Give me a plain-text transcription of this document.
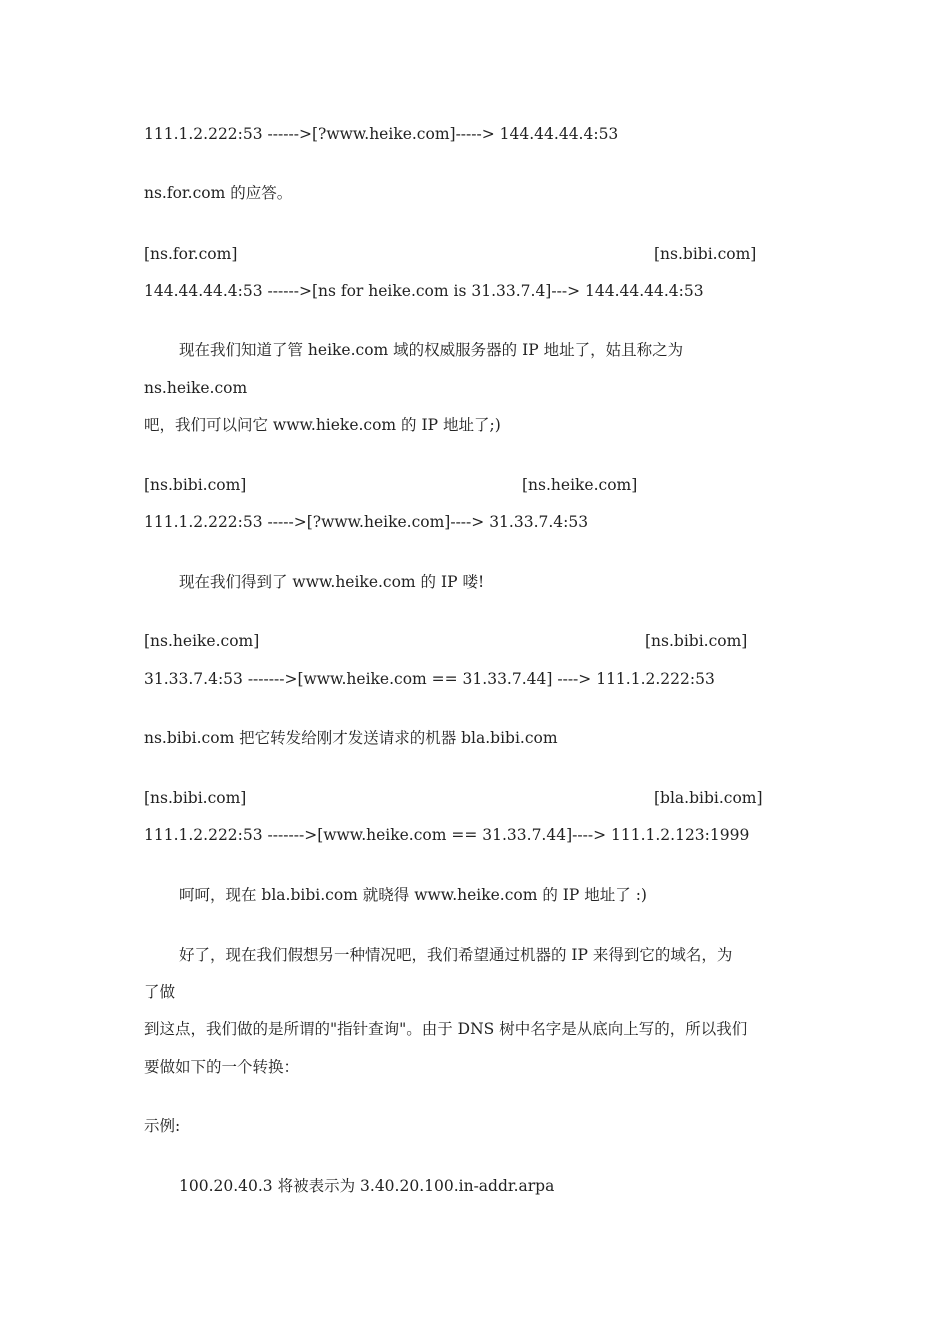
111.1.2.222:53 ------>[?www.heike.com]-----> 144.44.44.4:53
ns.for.com 的应答。
[ns.for.com]	[ns.bibi.com]
144.44.44.4:53 ------>[ns for heike.com is 31.33.7.4]---> 144.44.44.4:53
现在我们知道了管 heike.com 域的权威服务器的 IP 地址了，姑且称之为
ns.heike.com
吧，我们可以问它 www.hieke.com 的 IP 地址了;)
[ns.bibi.com]	[ns.heike.com]
111.1.2.222:53 ----->[?www.heike.com]----> 31.33.7.4:53
现在我们得到了 www.heike.com 的 IP 喽!
[ns.heike.com]	[ns.bibi.com]
31.33.7.4:53 ------->[www.heike.com == 31.33.7.44] ----> 111.1.2.222:53
ns.bibi.com 把它转发给刚才发送请求的机器 bla.bibi.com
[ns.bibi.com]	[bla.bibi.com]
111.1.2.222:53 ------->[www.heike.com == 31.33.7.44]----> 111.1.2.123:1999
呵呵，现在 bla.bibi.com 就晓得 www.heike.com 的 IP 地址了 :)
好了，现在我们假想另一种情况吧，我们希望通过机器的 IP 来得到它的域名，为
了做
到这点，我们做的是所谓的"指针查询"。由于 DNS 树中名字是从底向上写的，所以我们
要做如下的一个转换：
示例:
100.20.40.3 将被表示为 3.40.20.100.in-addr.arpa
